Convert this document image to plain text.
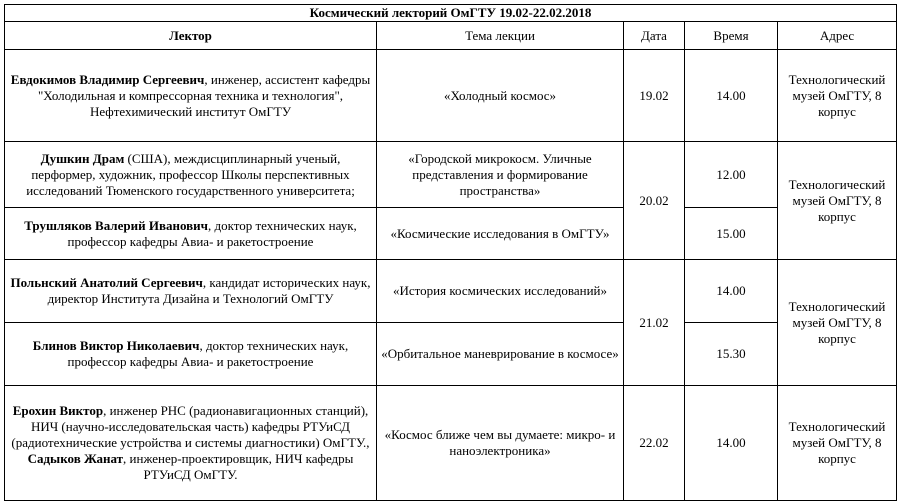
Космический лекторий ОмГТУ 19.02-22.02.2018				
Лектор	Тема лекции	Дата	Время	Адрес
Евдокимов Владимир Сергеевич, инженер, ассистент кафедры "Холодильная и компрессорная техника и технология", Нефтехимический институт ОмГТУ	«Холодный космос»	19.02	14.00	Технологический музей ОмГТУ, 8 корпус
Душкин Драм (США), междисциплинарный ученый, перформер, художник, профессор Школы перспективных исследований Тюменского государственного университета;	«Городской микрокосм. Уличные представления и формирование пространства»	20.02	12.00	Технологический музей ОмГТУ, 8 корпус
Трушляков Валерий Иванович, доктор технических наук, профессор кафедры Авиа- и ракетостроение	«Космические исследования в ОмГТУ»		15.00	
Польнский Анатолий Сергеевич, кандидат исторических наук, директор Института Дизайна и Технологий ОмГТУ	«История космических исследований»	21.02	14.00	Технологический музей ОмГТУ, 8 корпус
Блинов Виктор Николаевич, доктор технических наук, профессор кафедры Авиа- и ракетостроение	«Орбитальное маневрирование в космосе»		15.30	
Ерохин Виктор, инженер РНС (радионавигационных станций), НИЧ (научно-исследовательская часть) кафедры РТУиСД (радиотехнические устройства и системы диагностики) ОмГТУ., Садыков Жанат, инженер-проектировщик, НИЧ кафедры РТУиСД ОмГТУ.	«Космос ближе чем вы думаете: микро- и наноэлектроника»	22.02	14.00	Технологический музей ОмГТУ, 8 корпус
